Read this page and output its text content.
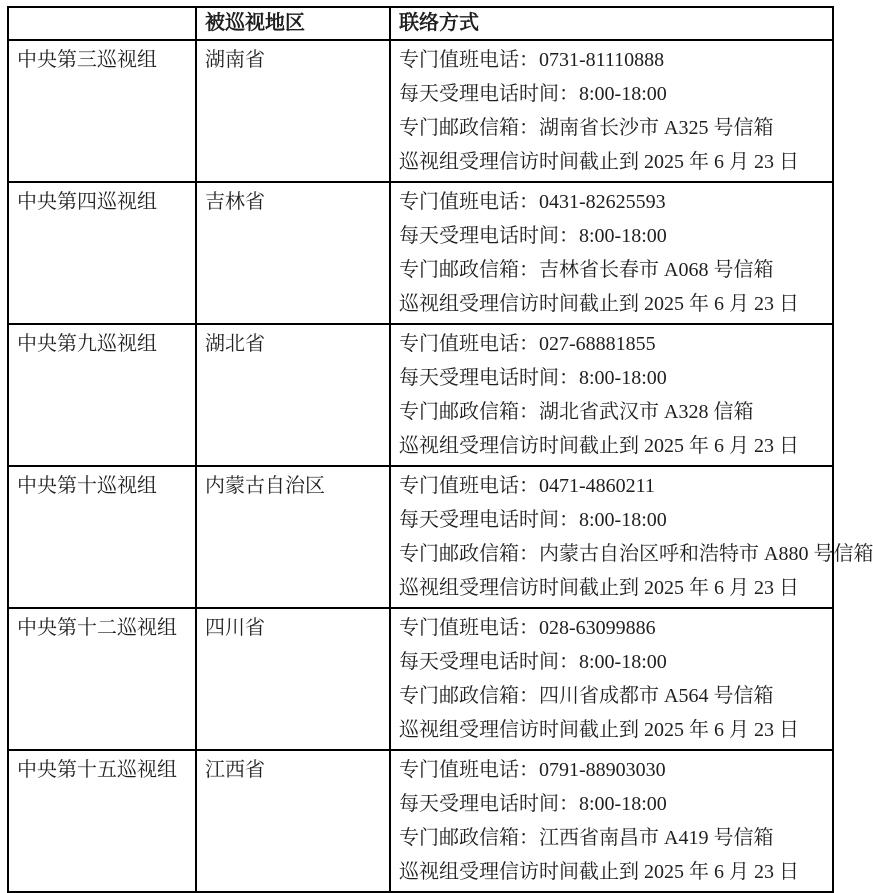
	被巡视地区	联络方式
中央第三巡视组	湖南省	专门值班电话：0731-81110888
每天受理电话时间：8:00-18:00
专门邮政信箱：湖南省长沙市 A325 号信箱
巡视组受理信访时间截止到 2025 年 6 月 23 日

中央第四巡视组	吉林省	专门值班电话：0431-82625593
每天受理电话时间：8:00-18:00
专门邮政信箱：吉林省长春市 A068 号信箱
巡视组受理信访时间截止到 2025 年 6 月 23 日

中央第九巡视组	湖北省	专门值班电话：027-68881855
每天受理电话时间：8:00-18:00
专门邮政信箱：湖北省武汉市 A328 信箱
巡视组受理信访时间截止到 2025 年 6 月 23 日

中央第十巡视组	内蒙古自治区	专门值班电话：0471-4860211
每天受理电话时间：8:00-18:00
专门邮政信箱：内蒙古自治区呼和浩特市 A880 号信箱
巡视组受理信访时间截止到 2025 年 6 月 23 日

中央第十二巡视组	四川省	专门值班电话：028-63099886
每天受理电话时间：8:00-18:00
专门邮政信箱：四川省成都市 A564 号信箱
巡视组受理信访时间截止到 2025 年 6 月 23 日

中央第十五巡视组	江西省	专门值班电话：0791-88903030
每天受理电话时间：8:00-18:00
专门邮政信箱：江西省南昌市 A419 号信箱
巡视组受理信访时间截止到 2025 年 6 月 23 日
